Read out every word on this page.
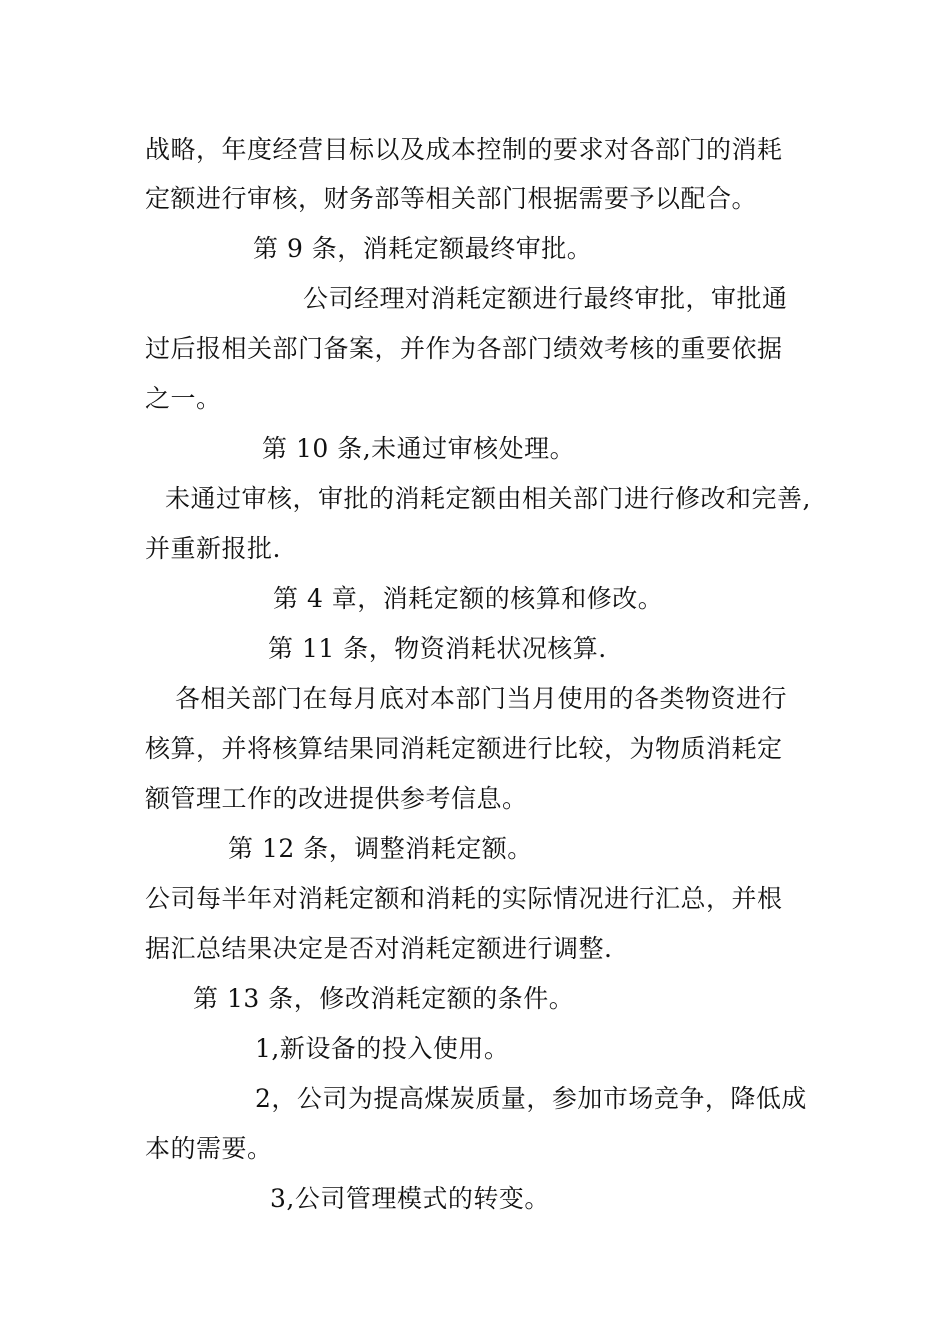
战略，年度经营目标以及成本控制的要求对各部门的消耗
定额进行审核，财务部等相关部门根据需要予以配合。
第 9 条，消耗定额最终审批。
公司经理对消耗定额进行最终审批，审批通
过后报相关部门备案，并作为各部门绩效考核的重要依据
之一。
第 10 条,未通过审核处理。
未通过审核，审批的消耗定额由相关部门进行修改和完善,
并重新报批.
第 4 章，消耗定额的核算和修改。
第 11 条，物资消耗状况核算.
各相关部门在每月底对本部门当月使用的各类物资进行
核算，并将核算结果同消耗定额进行比较，为物质消耗定
额管理工作的改进提供参考信息。
第 12 条，调整消耗定额。
公司每半年对消耗定额和消耗的实际情况进行汇总，并根
据汇总结果决定是否对消耗定额进行调整.
第 13 条，修改消耗定额的条件。
1,新设备的投入使用。
2，公司为提高煤炭质量，参加市场竞争，降低成
本的需要。
3,公司管理模式的转变。
